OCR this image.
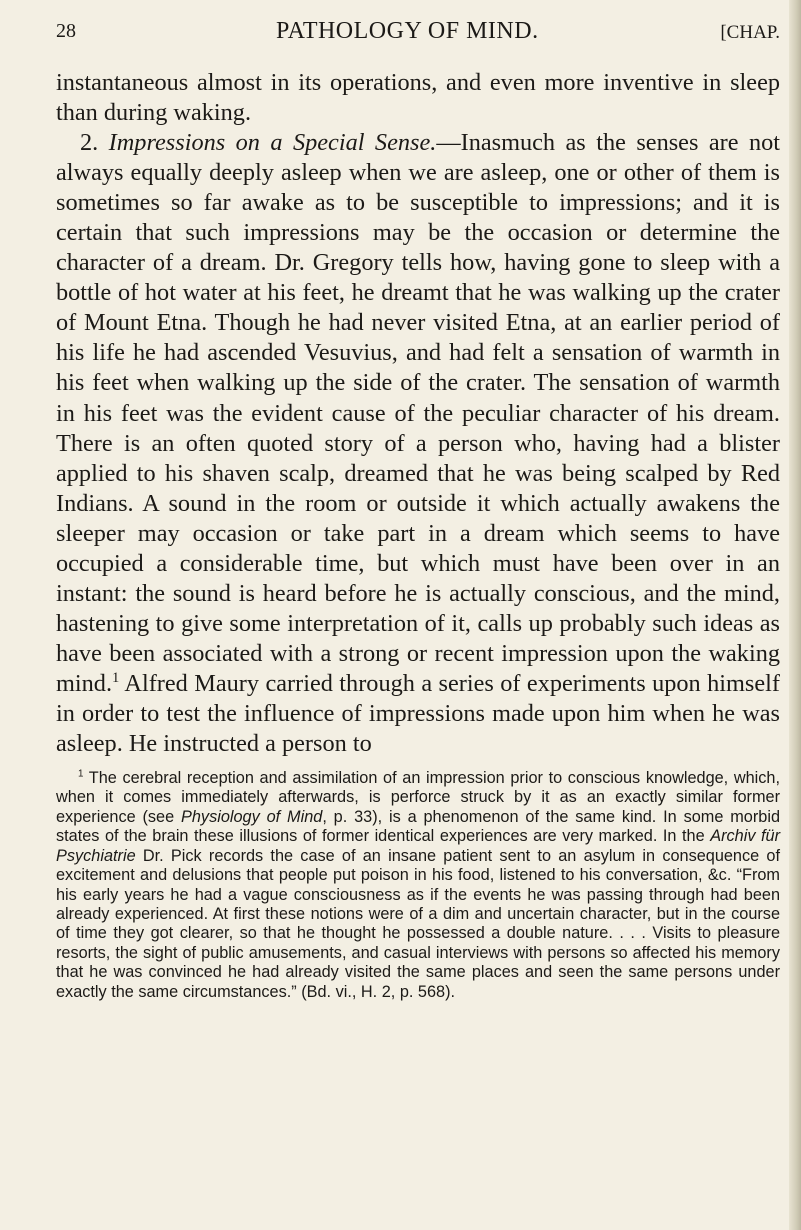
28	PATHOLOGY OF MIND.	[CHAP.

instantaneous almost in its operations, and even more inventive in sleep than during waking.

2. Impressions on a Special Sense.—Inasmuch as the senses are not always equally deeply asleep when we are asleep, one or other of them is sometimes so far awake as to be susceptible to impressions; and it is certain that such impressions may be the occasion or determine the character of a dream. Dr. Gregory tells how, having gone to sleep with a bottle of hot water at his feet, he dreamt that he was walking up the crater of Mount Etna. Though he had never visited Etna, at an earlier period of his life he had ascended Vesuvius, and had felt a sensation of warmth in his feet when walking up the side of the crater. The sensation of warmth in his feet was the evident cause of the peculiar character of his dream. There is an often quoted story of a person who, having had a blister applied to his shaven scalp, dreamed that he was being scalped by Red Indians. A sound in the room or outside it which actually awakens the sleeper may occasion or take part in a dream which seems to have occupied a considerable time, but which must have been over in an instant: the sound is heard before he is actually conscious, and the mind, hastening to give some interpretation of it, calls up probably such ideas as have been associated with a strong or recent impression upon the waking mind.$^1$ Alfred Maury carried through a series of experiments upon himself in order to test the influence of impressions made upon him when he was asleep. He instructed a person to

$^1$ The cerebral reception and assimilation of an impression prior to conscious knowledge, which, when it comes immediately afterwards, is perforce struck by it as an exactly similar former experience (see Physiology of Mind, p. 33), is a phenomenon of the same kind. In some morbid states of the brain these illusions of former identical experiences are very marked. In the Archiv für Psychiatrie Dr. Pick records the case of an insane patient sent to an asylum in consequence of excitement and delusions that people put poison in his food, listened to his conversation, &c. “From his early years he had a vague consciousness as if the events he was passing through had been already experienced. At first these notions were of a dim and uncertain character, but in the course of time they got clearer, so that he thought he possessed a double nature. . . . Visits to pleasure resorts, the sight of public amusements, and casual interviews with persons so affected his memory that he was convinced he had already visited the same places and seen the same persons under exactly the same circumstances.” (Bd. vi., H. 2, p. 568).
